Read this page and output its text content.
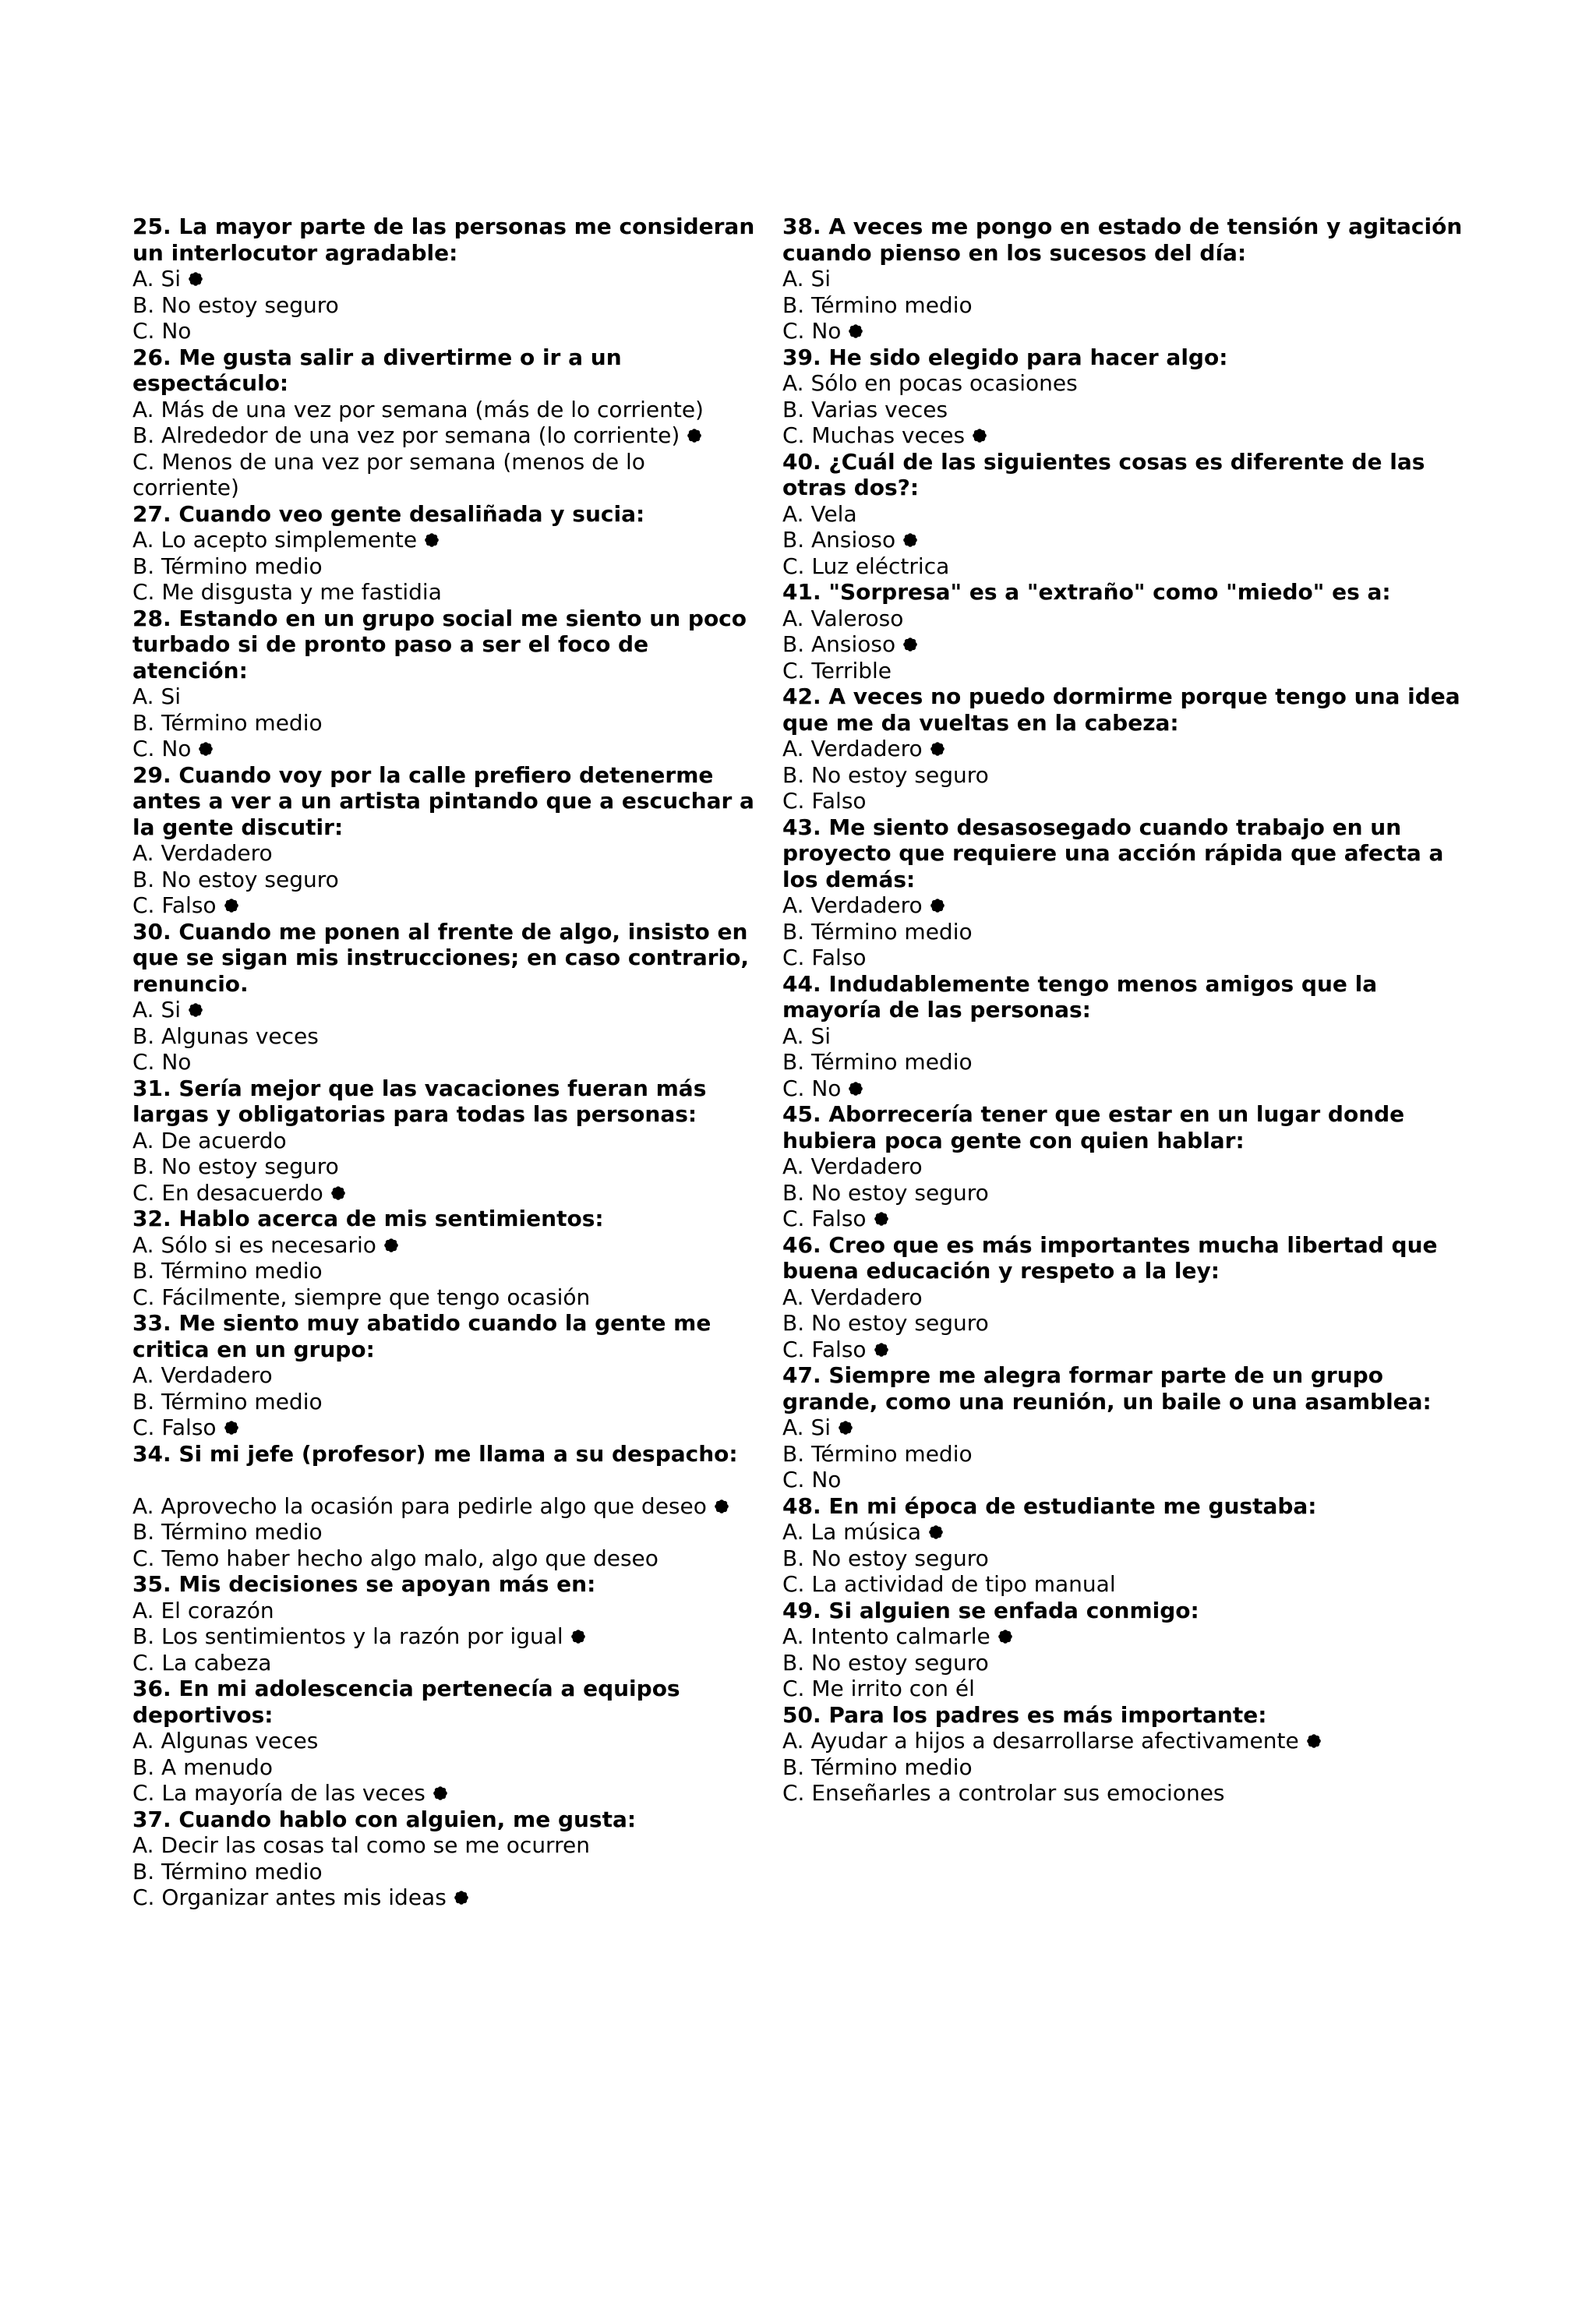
25. La mayor parte de las personas me consideran un interlocutor agradable:
A. Si
B. No estoy seguro
C. No
26. Me gusta salir a divertirme o ir a un espectáculo:
A. Más de una vez por semana (más de lo corriente)
B. Alrededor de una vez por semana (lo corriente)
C. Menos de una vez por semana (menos de lo corriente)
27. Cuando veo gente desaliñada y sucia:
A. Lo acepto simplemente
B. Término medio
C. Me disgusta y me fastidia
28. Estando en un grupo social me siento un poco turbado si de pronto paso a ser el foco de atención:
A. Si
B. Término medio
C. No
29. Cuando voy por la calle prefiero detenerme antes a ver a un artista pintando que a escuchar a la gente discutir:
A. Verdadero
B. No estoy seguro
C. Falso
30. Cuando me ponen al frente de algo, insisto en que se sigan mis instrucciones; en caso contrario, renuncio.
A. Si
B. Algunas veces
C. No
31. Sería mejor que las vacaciones fueran más largas y obligatorias para todas las personas:
A. De acuerdo
B. No estoy seguro
C. En desacuerdo
32. Hablo acerca de mis sentimientos:
A. Sólo si es necesario
B. Término medio
C. Fácilmente, siempre que tengo ocasión
33. Me siento muy abatido cuando la gente me critica en un grupo:
A. Verdadero
B. Término medio
C. Falso
34. Si mi jefe (profesor) me llama a su despacho:
A. Aprovecho la ocasión para pedirle algo que deseo
B. Término medio
C. Temo haber hecho algo malo, algo que deseo
35. Mis decisiones se apoyan más en:
A. El corazón
B. Los sentimientos y la razón por igual
C. La cabeza
36. En mi adolescencia pertenecía a equipos deportivos:
A. Algunas veces
B. A menudo
C. La mayoría de las veces
37. Cuando hablo con alguien, me gusta:
A. Decir las cosas tal como se me ocurren
B. Término medio
C. Organizar antes mis ideas
38. A veces me pongo en estado de tensión y agitación cuando pienso en los sucesos del día:
A. Si
B. Término medio
C. No
39. He sido elegido para hacer algo:
A. Sólo en pocas ocasiones
B. Varias veces
C. Muchas veces
40. ¿Cuál de las siguientes cosas es diferente de las otras dos?:
A. Vela
B. Ansioso
C. Luz eléctrica
41. "Sorpresa" es a "extraño" como "miedo" es a:
A. Valeroso
B. Ansioso
C. Terrible
42. A veces no puedo dormirme porque tengo una idea que me da vueltas en la cabeza:
A. Verdadero
B. No estoy seguro
C. Falso
43. Me siento desasosegado cuando trabajo en un proyecto que requiere una acción rápida que afecta a los demás:
A. Verdadero
B. Término medio
C. Falso
44. Indudablemente tengo menos amigos que la mayoría de las personas:
A. Si
B. Término medio
C. No
45. Aborrecería tener que estar en un lugar donde hubiera poca gente con quien hablar:
A. Verdadero
B. No estoy seguro
C. Falso
46. Creo que es más importantes mucha libertad que buena educación y respeto a la ley:
A. Verdadero
B. No estoy seguro
C. Falso
47. Siempre me alegra formar parte de un grupo grande, como una reunión, un baile o una asamblea:
A. Si
B. Término medio
C. No
48. En mi época de estudiante me gustaba:
A. La música
B. No estoy seguro
C. La actividad de tipo manual
49. Si alguien se enfada conmigo:
A. Intento calmarle
B. No estoy seguro
C. Me irrito con él
50. Para los padres es más importante:
A. Ayudar a hijos a desarrollarse afectivamente
B. Término medio
C. Enseñarles a controlar sus emociones
